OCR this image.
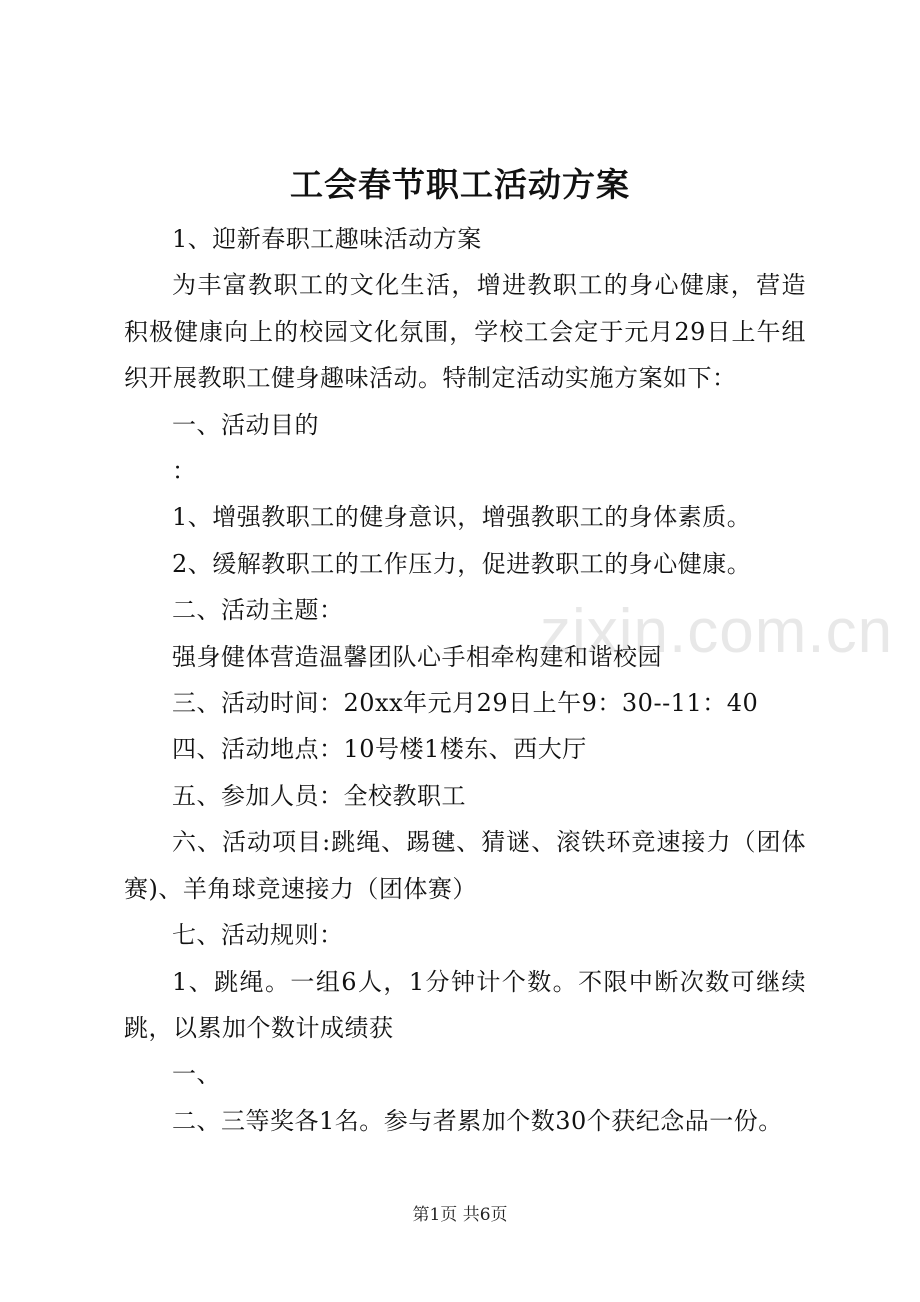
工会春节职工活动方案

1、迎新春职工趣味活动方案

为丰富教职工的文化生活，增进教职工的身心健康，营造积极健康向上的校园文化氛围，学校工会定于元月29日上午组织开展教职工健身趣味活动。特制定活动实施方案如下：

一、活动目的

：

1、增强教职工的健身意识，增强教职工的身体素质。

2、缓解教职工的工作压力，促进教职工的身心健康。

二、活动主题：

强身健体营造温馨团队心手相牵构建和谐校园

三、活动时间：20xx年元月29日上午9：30--11：40

四、活动地点：10号楼1楼东、西大厅

五、参加人员：全校教职工

六、活动项目:跳绳、踢毽、猜谜、滚铁环竞速接力（团体赛)、羊角球竞速接力（团体赛）

七、活动规则：

1、跳绳。一组6人，1分钟计个数。不限中断次数可继续跳，以累加个数计成绩获

一、

二、三等奖各1名。参与者累加个数30个获纪念品一份。

zixin.com.cn
第1页 共6页
